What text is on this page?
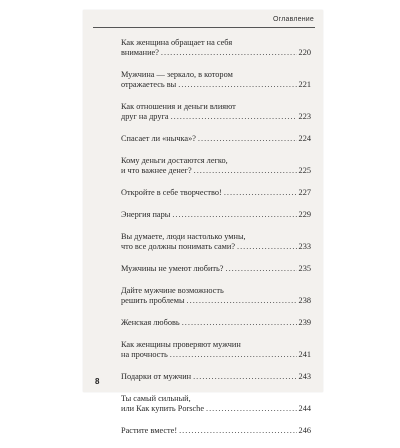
Оглавление
Как женщина обращает на себя
внимание? .....	220
Мужчина — зеркало, в котором
отражаетесь вы .....	221
Как отношения и деньги влияют
друг на друга .....	223
Спасает ли «нычка»? .....	224
Кому деньги достаются легко,
и что важнее денег? .....	225
Откройте в себе творчество! .....	227
Энергия пары .....	229
Вы думаете, люди настолько умны,
что все должны понимать сами? .....	233
Мужчины не умеют любить? .....	235
Дайте мужчине возможность
решить проблемы .....	238
Женская любовь .....	239
Как женщины проверяют мужчин
на прочность .....	241
Подарки от мужчин .....	243
Ты самый сильный,
или Как купить Porsche .....	244
Растите вместе! .....	246
8
